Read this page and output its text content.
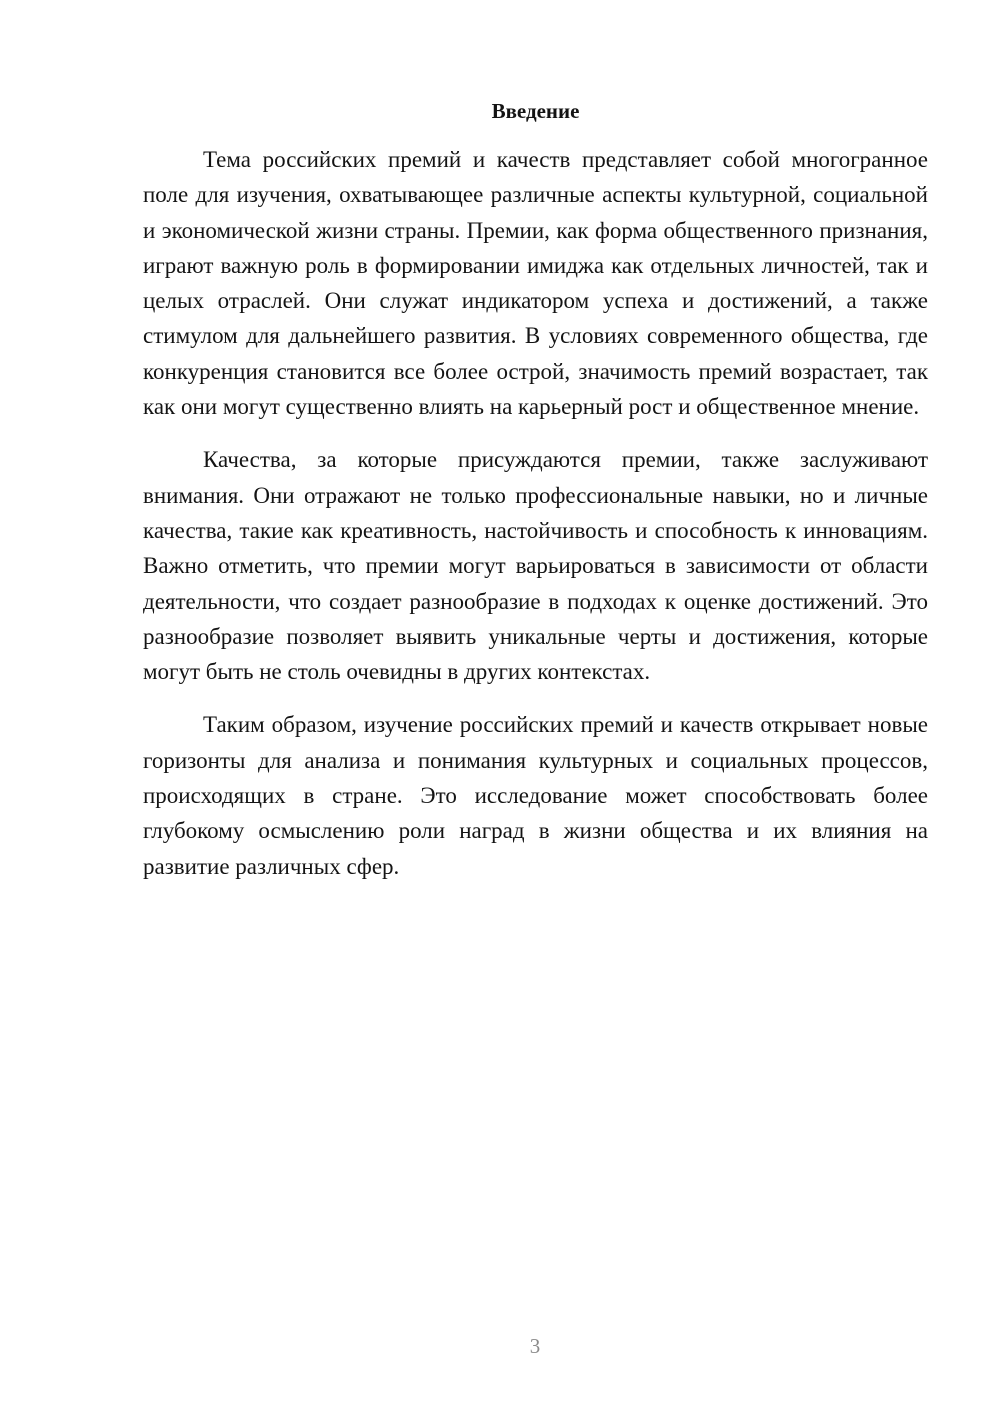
Введение

Тема российских премий и качеств представляет собой многогранное поле для изучения, охватывающее различные аспекты культурной, социальной и экономической жизни страны. Премии, как форма общественного признания, играют важную роль в формировании имиджа как отдельных личностей, так и целых отраслей. Они служат индикатором успеха и достижений, а также стимулом для дальнейшего развития. В условиях современного общества, где конкуренция становится все более острой, значимость премий возрастает, так как они могут существенно влиять на карьерный рост и общественное мнение.

Качества, за которые присуждаются премии, также заслуживают внимания. Они отражают не только профессиональные навыки, но и личные качества, такие как креативность, настойчивость и способность к инновациям. Важно отметить, что премии могут варьироваться в зависимости от области деятельности, что создает разнообразие в подходах к оценке достижений. Это разнообразие позволяет выявить уникальные черты и достижения, которые могут быть не столь очевидны в других контекстах.

Таким образом, изучение российских премий и качеств открывает новые горизонты для анализа и понимания культурных и социальных процессов, происходящих в стране. Это исследование может способствовать более глубокому осмыслению роли наград в жизни общества и их влияния на развитие различных сфер.

3
